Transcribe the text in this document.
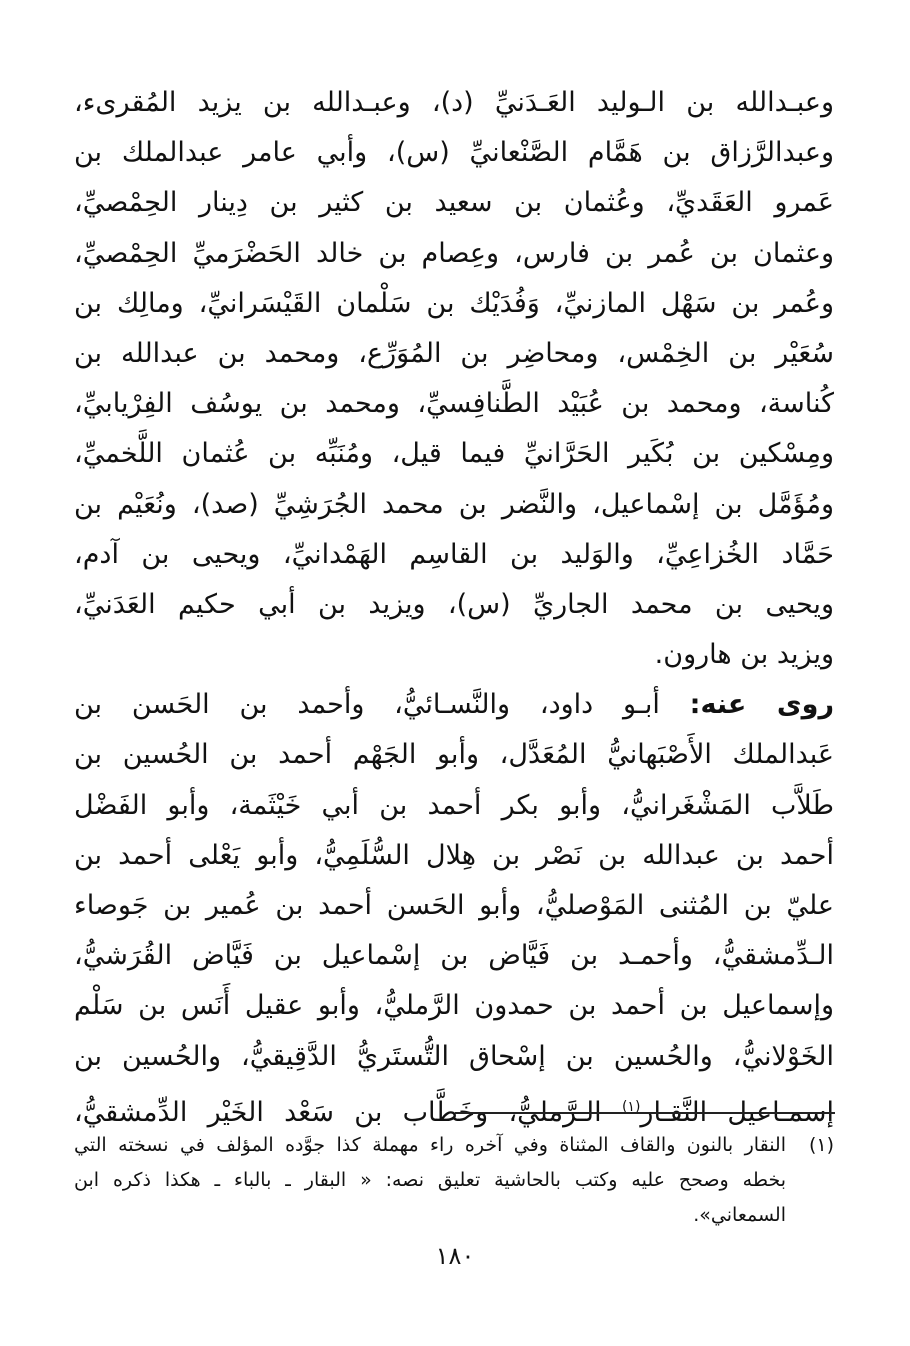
وعبـدالله بن الـوليد العَـدَنيِّ (د)، وعبـدالله بن يزيد المُقرىء،
وعبدالرَّزاق بن هَمَّام الصَّنْعانيِّ (س)، وأبي عامر عبدالملك بن
عَمرو العَقَديِّ، وعُثمان بن سعيد بن كثير بن دِينار الحِمْصيِّ،
وعثمان بن عُمر بن فارس، وعِصام بن خالد الحَضْرَميِّ الحِمْصيِّ،
وعُمر بن سَهْل المازنيِّ، وَفُدَيْك بن سَلْمان القَيْسَرانيِّ، ومالِك بن
سُعَيْر بن الخِمْس، ومحاضِر بن المُوَرِّع، ومحمد بن عبدالله بن
كُناسة، ومحمد بن عُبَيْد الطَّنافِسيِّ، ومحمد بن يوسُف الفِرْيابيِّ،
ومِسْكين بن بُكَير الحَرَّانيِّ فيما قيل، ومُنَبِّه بن عُثمان اللَّخميِّ،
ومُؤَمَّل بن إسْماعيل، والنَّضر بن محمد الجُرَشِيِّ (صد)، ونُعَيْم بن
حَمَّاد الخُزاعِيِّ، والوَليد بن القاسِم الهَمْدانيِّ، ويحيى بن آدم،
ويحيى بن محمد الجاريِّ (س)، ويزيد بن أبي حكيم العَدَنيِّ،
ويزيد بن هارون.
روى عنه: أبـو داود، والنَّسـائيُّ، وأحمد بن الحَسن بن
عَبدالملك الأَصْبَهانيُّ المُعَدَّل، وأبو الجَهْم أحمد بن الحُسين بن
طَلاَّب المَشْغَرانيُّ، وأبو بكر أحمد بن أبي خَيْثَمة، وأبو الفَضْل
أحمد بن عبدالله بن نَصْر بن هِلال السُّلَمِيُّ، وأبو يَعْلى أحمد بن
عليّ بن المُثنى المَوْصليُّ، وأبو الحَسن أحمد بن عُمير بن جَوصاء
الـدِّمشقيُّ، وأحمـد بن فَيَّاض بن إسْماعيل بن فَيَّاض القُرَشيُّ،
وإسماعيل بن أحمد بن حمدون الرَّمليُّ، وأبو عقيل أَنَس بن سَلْم
الخَوْلانيُّ، والحُسين بن إسْحاق التُّستَريُّ الدَّقِيقيُّ، والحُسين بن
إسمـاعيل النَّقـار$^{(١)}$ الـرَّمليُّ، وخَطَّاب بن سَعْد الخَيْر الدِّمشقيُّ،
(١)
النقار بالنون والقاف المثناة وفي آخره راء مهملة كذا جوَّده المؤلف في نسخته التي
بخطه وصحح عليه وكتب بالحاشية تعليق نصه: « البقار ـ بالباء ـ هكذا ذكره ابن
السمعاني».
١٨٠
